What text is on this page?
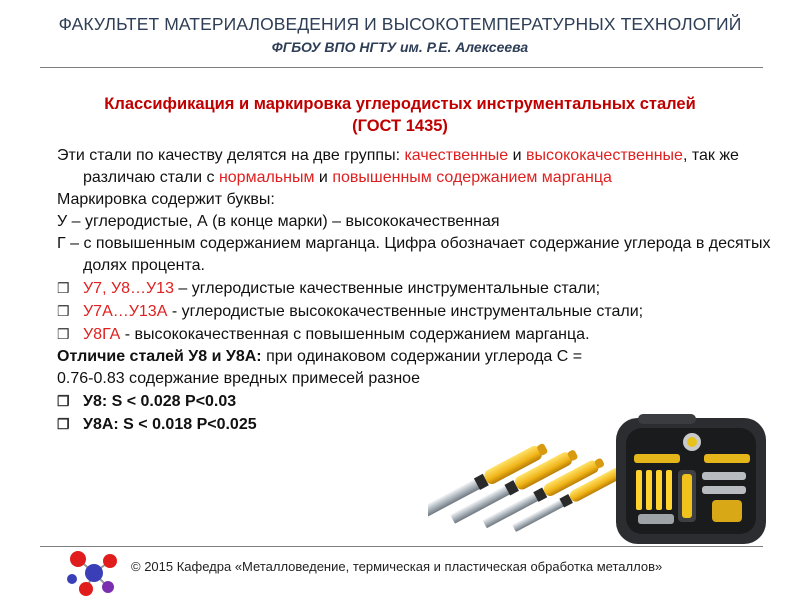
ФАКУЛЬТЕТ МАТЕРИАЛОВЕДЕНИЯ И ВЫСОКОТЕМПЕРАТУРНЫХ ТЕХНОЛОГИЙ
ФГБОУ ВПО НГТУ им. Р.Е. Алексеева
Классификация и маркировка углеродистых инструментальных сталей
(ГОСТ 1435)

Эти стали по качеству делятся на две группы: качественные и высококачественные, так же различаю стали с нормальным и повышенным содержанием марганца

Маркировка содержит буквы:

У – углеродистые, А (в конце марки) – высококачественная

Г – с повышенным содержанием марганца. Цифра обозначает содержание углерода в десятых долях процента.

❒ У7, У8…У13 – углеродистые качественные инструментальные стали;

❒ У7А…У13А - углеродистые высококачественные инструментальные стали;

❒ У8ГА - высококачественная с повышенным содержанием марганца.

Отличие сталей У8 и У8А: при одинаковом содержании углерода С =

0.76-0.83 содержание вредных примесей разное

❒ У8: S < 0.028 P<0.03

❒ У8А: S < 0.018 P<0.025

© 2015 Кафедра «Металловедение, термическая и пластическая обработка металлов»
